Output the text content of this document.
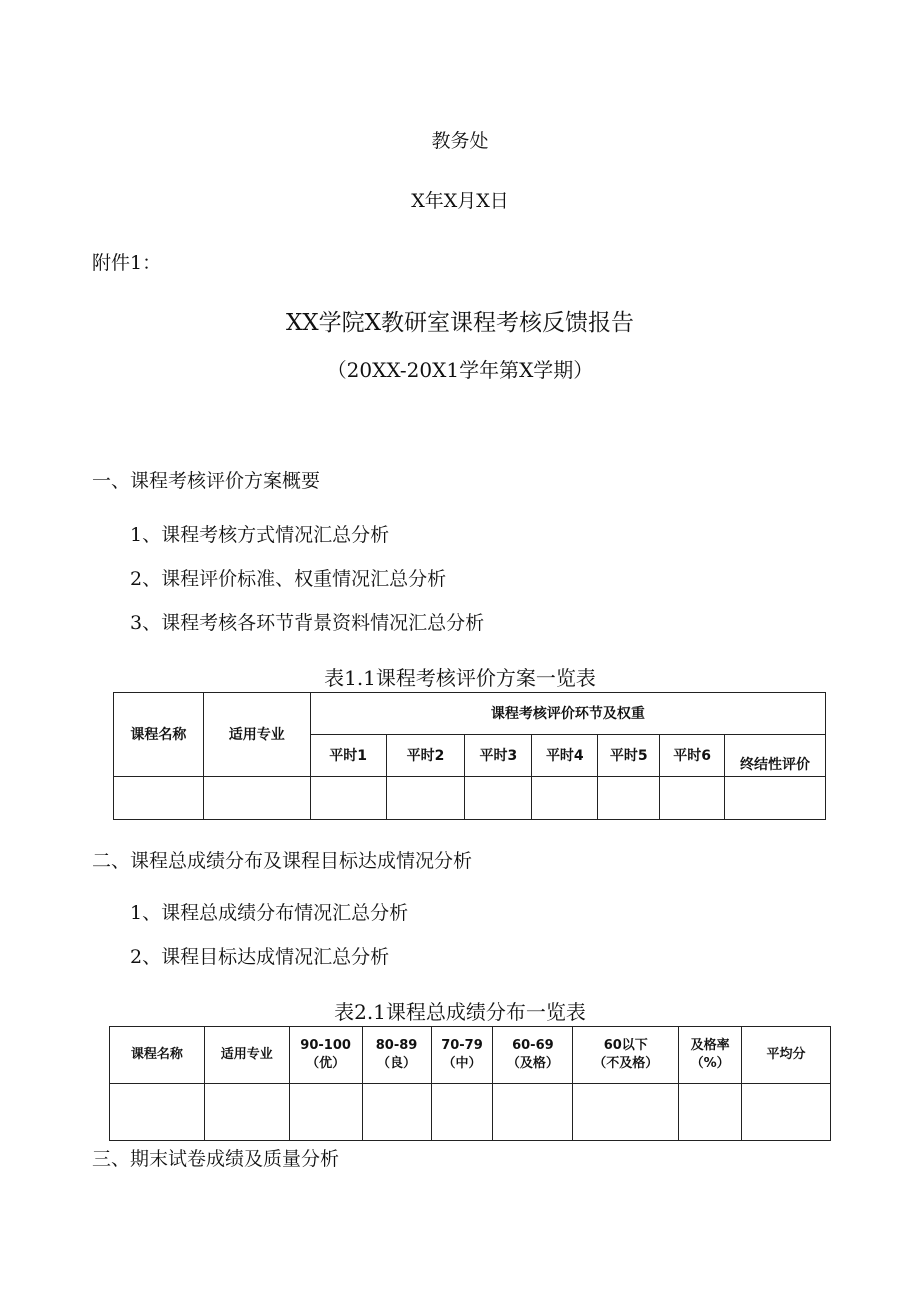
教务处
X年X月X日
附件1：
XX学院X教研室课程考核反馈报告
（20XX-20X1学年第X学期）
一、课程考核评价方案概要
1、课程考核方式情况汇总分析
2、课程评价标准、权重情况汇总分析
3、课程考核各环节背景资料情况汇总分析
表1.1课程考核评价方案一览表
课程名称	适用专业	课程考核评价环节及权重						
		平时1	平时2	平时3	平时4	平时5	平时6	终结性评价

二、课程总成绩分布及课程目标达成情况分析
1、课程总成绩分布情况汇总分析
2、课程目标达成情况汇总分析
表2.1课程总成绩分布一览表
课程名称	适用专业	90-100
（优）	80-89
（良）	70-79
（中）	60-69
（及格）	60以下
（不及格）	及格率
（%）	平均分

三、期末试卷成绩及质量分析
